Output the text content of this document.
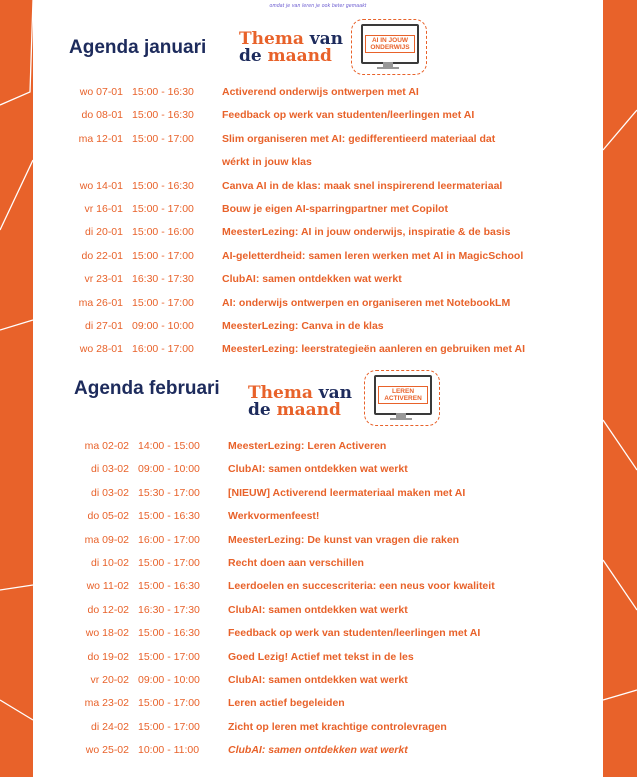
omdat je van leren je ook beter gemaakt
Agenda januari Thema van
de maand
AI IN JOUW ONDERWIJS
wo 07-01 15:00 - 16:30	Activerend onderwijs ontwerpen met AI
do 08-01 15:00 - 16:30	Feedback op werk van studenten/leerlingen met AI
ma 12-01 15:00 - 17:00	Slim organiseren met AI: gedifferentieerd materiaal dat
wérkt in jouw klas
wo 14-01 15:00 - 16:30	Canva AI in de klas: maak snel inspirerend leermateriaal
vr 16-01 15:00 - 17:00	Bouw je eigen AI-sparringpartner met Copilot
di 20-01 15:00 - 16:00	MeesterLezing: AI in jouw onderwijs, inspiratie & de basis
do 22-01 15:00 - 17:00	AI-geletterdheid: samen leren werken met AI in MagicSchool
vr 23-01 16:30 - 17:30	ClubAI: samen ontdekken wat werkt
ma 26-01 15:00 - 17:00	AI: onderwijs ontwerpen en organiseren met NotebookLM
di 27-01 09:00 - 10:00	MeesterLezing: Canva in de klas
wo 28-01 16:00 - 17:00	MeesterLezing: leerstrategieën aanleren en gebruiken met AI
Agenda februari Thema van
de maand
LEREN ACTIVEREN
ma 02-02 14:00 - 15:00	MeesterLezing: Leren Activeren
di 03-02 09:00 - 10:00	ClubAI: samen ontdekken wat werkt
di 03-02 15:30 - 17:00	[NIEUW] Activerend leermateriaal maken met AI
do 05-02 15:00 - 16:30	Werkvormenfeest!
ma 09-02 16:00 - 17:00	MeesterLezing: De kunst van vragen die raken
di 10-02 15:00 - 17:00	Recht doen aan verschillen
wo 11-02 15:00 - 16:30	Leerdoelen en succescriteria: een neus voor kwaliteit
do 12-02 16:30 - 17:30	ClubAI: samen ontdekken wat werkt
wo 18-02 15:00 - 16:30	Feedback op werk van studenten/leerlingen met AI
do 19-02 15:00 - 17:00	Goed Lezig! Actief met tekst in de les
vr 20-02 09:00 - 10:00	ClubAI: samen ontdekken wat werkt
ma 23-02 15:00 - 17:00	Leren actief begeleiden
di 24-02 15:00 - 17:00	Zicht op leren met krachtige controlevragen
wo 25-02 10:00 - 11:00	ClubAI: samen ontdekken wat werkt
